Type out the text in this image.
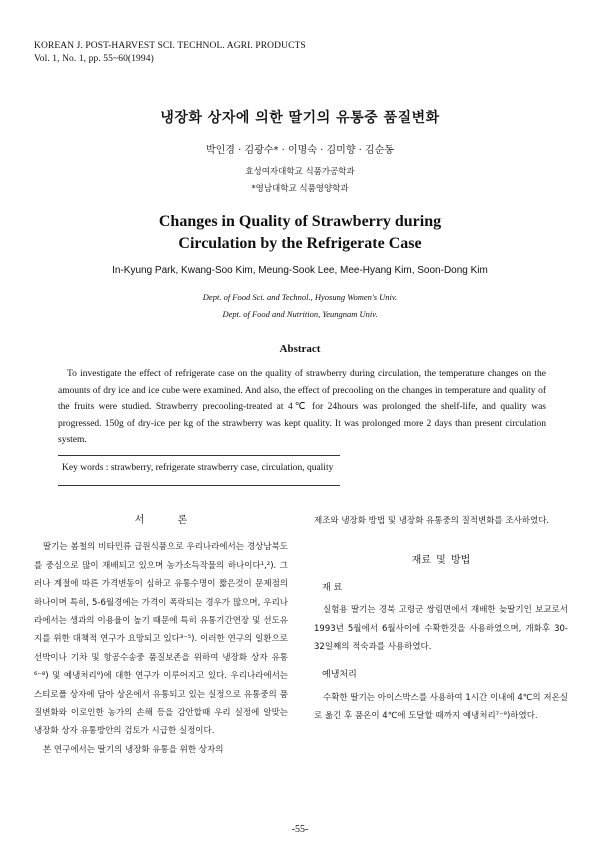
KOREAN J. POST-HARVEST SCI. TECHNOL. AGRI. PRODUCTS
Vol. 1, No. 1, pp. 55~60(1994)
냉장화 상자에 의한 딸기의 유통중 품질변화
박인경 · 김광수* · 이명숙 · 김미향 · 김순동
효성여자대학교 식품가공학과
*영남대학교 식품영양학과
Changes in Quality of Strawberry during
Circulation by the Refrigerate Case
In-Kyung Park, Kwang-Soo Kim, Meung-Sook Lee, Mee-Hyang Kim, Soon-Dong Kim
Dept. of Food Sci. and Technol., Hyosung Women's Univ.
Dept. of Food and Nutrition, Yeungnam Univ.
Abstract

To investigate the effect of refrigerate case on the quality of strawberry during circulation, the temperature changes on the amounts of dry ice and ice cube were examined. And also, the effect of precooling on the changes in temperature and quality of the fruits were studied. Strawberry precooling-treated at 4℃ for 24hours was prolonged the shelf-life, and quality was progressed. 150g of dry-ice per kg of the strawberry was kept quality. It was prolonged more 2 days than present circulation system.

Key words : strawberry, refrigerate strawberry case, circulation, quality
서 론

딸기는 봄철의 비타민류 급원식품으로 우리나라에서는 경상남북도를 중심으로 많이 재배되고 있으며 농가소득작물의 하나이다¹,²). 그러나 계절에 따른 가격변동이 심하고 유통수명이 짧은것이 문제점의 하나이며 특히, 5-6월경에는 가격이 폭락되는 경우가 많으며, 우리나라에서는 생과의 이용율이 높기 때문에 특히 유통기간연장 및 선도유지를 위한 대책적 연구가 요망되고 있다³⁻⁵). 이러한 연구의 일환으로 선박이나 기차 및 항공수송중 품질보존을 위하여 냉장화 상자 유통⁶⁻⁸) 및 예냉처리⁹)에 대한 연구가 이루어지고 있다. 우리나라에서는 스티로폴 상자에 담아 상온에서 유통되고 있는 실정으로 유통중의 품질변화와 이로인한 농가의 손해 등을 감안할때 우리 실정에 알맞는 냉장화 상자 유통방안의 검토가 시급한 실정이다.

본 연구에서는 딸기의 냉장화 유통을 위한 상자의

제조와 냉장화 방법 및 냉장화 유통중의 질적변화를 조사하였다.

재료 및 방법
재 료

실험용 딸기는 경북 고령군 쌍림면에서 재배한 늦딸기인 보교로서 1993년 5월에서 6월사이에 수확한것을 사용하였으며, 개화후 30-32일째의 적숙과를 사용하였다.

예냉처리

수확한 딸기는 아이스박스를 사용하여 1시간 이내에 4℃의 저온실로 옮긴 후 품온이 4℃에 도달할 때까지 예냉처리⁷⁻⁹)하였다.

-55-
